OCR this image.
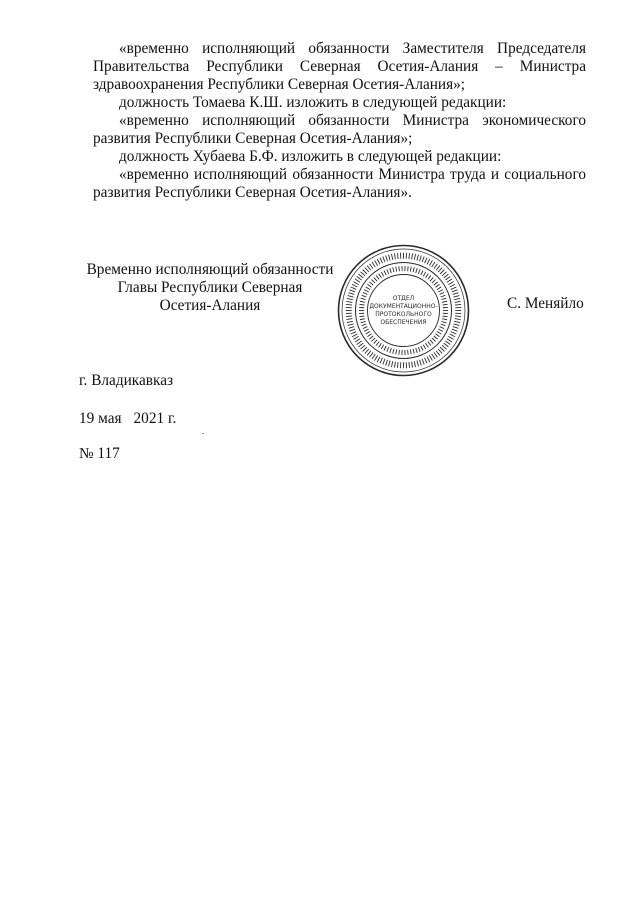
«временно исполняющий обязанности Заместителя Председателя Правительства Республики Северная Осетия-Алания – Министра здравоохранения Республики Северная Осетия-Алания»;

должность Томаева К.Ш. изложить в следующей редакции:

«временно исполняющий обязанности Министра экономического развития Республики Северная Осетия-Алания»;

должность Хубаева Б.Ф. изложить в следующей редакции:

«временно исполняющий обязанности Министра труда и социального развития Республики Северная Осетия-Алания».

Временно исполняющий обязанности
Главы Республики Северная
Осетия-Алания	ОТДЕЛ
ДОКУМЕНТАЦИОННО-
ПРОТОКОЛЬНОГО
ОБЕСПЕЧЕНИЯ
С. Меняйло
г. Владикавказ
19 мая 2021 г.
№ 117
